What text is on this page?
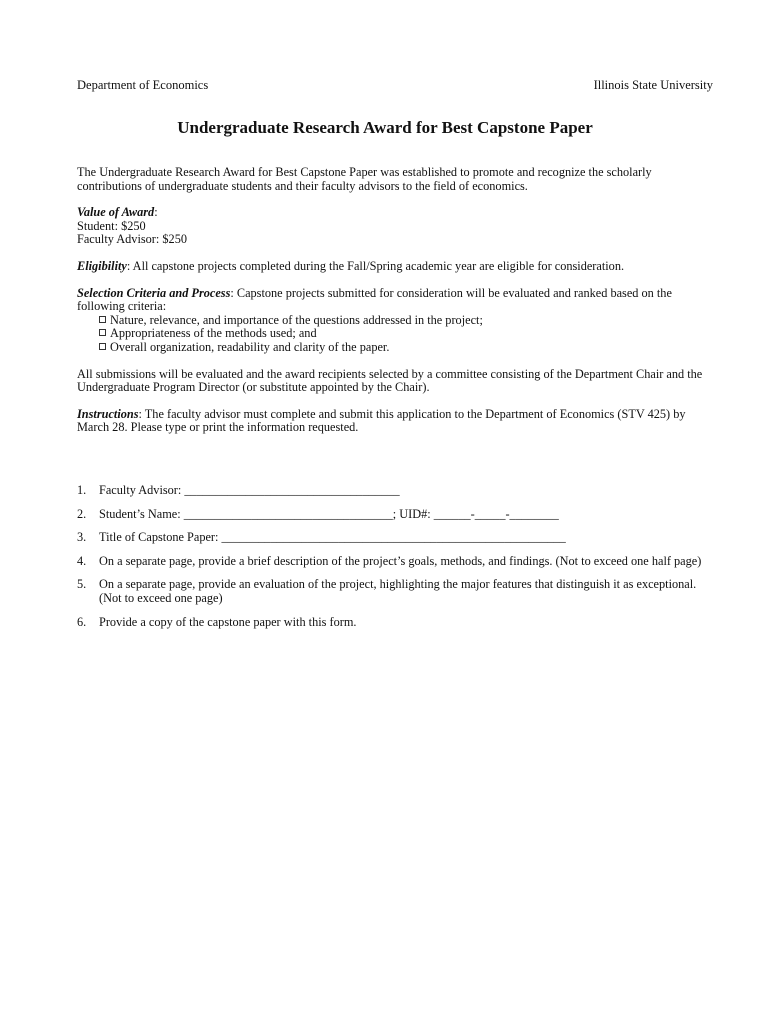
Department of Economics	Illinois State University
Undergraduate Research Award for Best Capstone Paper

The Undergraduate Research Award for Best Capstone Paper was established to promote and recognize the scholarly contributions of undergraduate students and their faculty advisors to the field of economics.

Value of Award:

Student: $250

Faculty Advisor: $250

Eligibility: All capstone projects completed during the Fall/Spring academic year are eligible for consideration.

Selection Criteria and Process: Capstone projects submitted for consideration will be evaluated and ranked based on the following criteria:

Nature, relevance, and importance of the questions addressed in the project;

Appropriateness of the methods used; and

Overall organization, readability and clarity of the paper.

All submissions will be evaluated and the award recipients selected by a committee consisting of the Department Chair and the Undergraduate Program Director (or substitute appointed by the Chair).

Instructions: The faculty advisor must complete and submit this application to the Department of Economics (STV 425) by March 28. Please type or print the information requested.

1.	Faculty Advisor: ___________________________________
2.	Student’s Name: __________________________________; UID#: ______-_____-________
3.	Title of Capstone Paper: ________________________________________________________
4.	On a separate page, provide a brief description of the project’s goals, methods, and findings. (Not to exceed one half page)
5.	On a separate page, provide an evaluation of the project, highlighting the major features that distinguish it as exceptional. (Not to exceed one page)
6.	Provide a copy of the capstone paper with this form.
